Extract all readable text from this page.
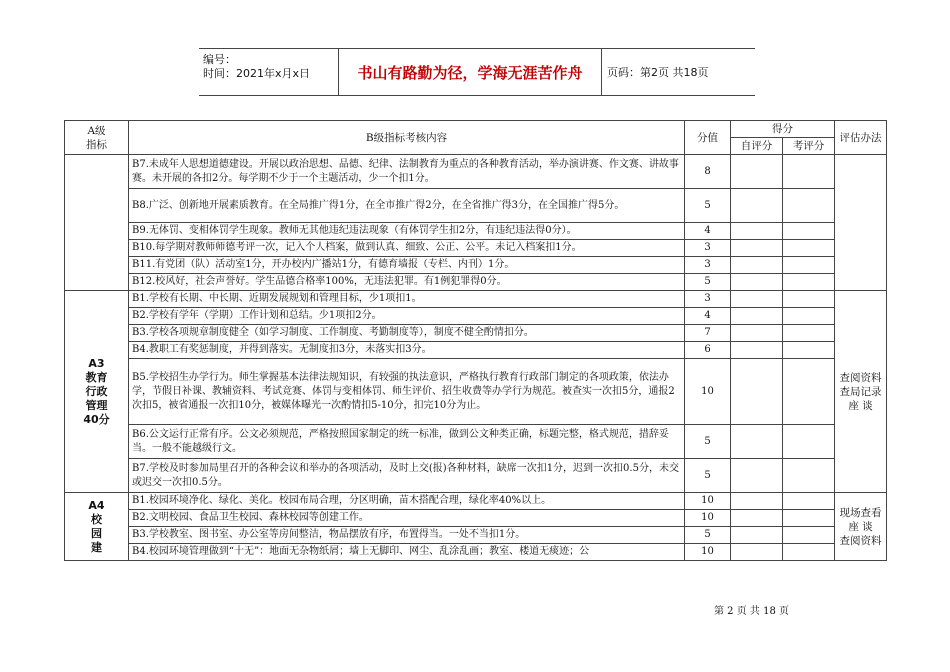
编号：
时间：2021年x月x日	书山有路勤为径，学海无涯苦作舟	页码：第2页 共18页
A级
指标	B级指标考核内容	分值	得分		评估办法
			自评分	考评分	
	B7.未成年人思想道德建设。开展以政治思想、品德、纪律、法制教育为重点的各种教育活动，举办演讲赛、作文赛、讲故事赛。未开展的各扣2分。每学期不少于一个主题活动，少一个扣1分。	8			
	B8.广泛、创新地开展素质教育。在全局推广得1分，在全市推广得2分，在全省推广得3分，在全国推广得5分。	5			
	B9.无体罚、变相体罚学生现象。教师无其他违纪违法现象（有体罚学生扣2分，有违纪违法得0分）。	4			
	B10.每学期对教师师德考评一次，记入个人档案，做到认真、细致、公正、公平。未记入档案扣1分。	3			
	B11.有党团（队）活动室1分，开办校内广播站1分，有德育墙报（专栏、内刊）1分。	3			
	B12.校风好，社会声誉好。学生品德合格率100%，无违法犯罪。有1例犯罪得0分。	5			
A3
教育
行政
管理
40分	B1.学校有长期、中长期、近期发展规划和管理目标，少1项扣1。	3			查阅资料
查局记录
座 谈
	B2.学校有学年（学期）工作计划和总结。少1项扣2分。	4			
	B3.学校各项规章制度健全（如学习制度、工作制度、考勤制度等），制度不健全酌情扣分。	7			
	B4.教职工有奖惩制度，并得到落实。无制度扣3分，未落实扣3分。	6			
	B5.学校招生办学行为。师生掌握基本法律法规知识，有较强的执法意识，严格执行教育行政部门制定的各项政策，依法办学，节假日补课、教辅资料、考试竞赛、体罚与变相体罚、师生评价、招生收费等办学行为规范。被查实一次扣5分，通报2次扣5，被省通报一次扣10分，被媒体曝光一次酌情扣5-10分，扣完10分为止。	10			
	B6.公文运行正常有序。公文必须规范，严格按照国家制定的统一标准，做到公文种类正确，标题完整，格式规范，措辞妥当。一般不能越级行文。	5			
	B7.学校及时参加局里召开的各种会议和举办的各项活动，及时上交(报)各种材料，缺席一次扣1分，迟到一次扣0.5分，未交或迟交一次扣0.5分。	5			
A4
校
园
建	B1.校园环境净化、绿化、美化。校园布局合理，分区明确，苗木搭配合理，绿化率40%以上。	10			现场查看
座 谈
查阅资料
	B2.文明校园、食品卫生校园、森林校园等创建工作。	10			
	B3.学校教室、图书室、办公室等房间整洁，物品摆放有序，布置得当。一处不当扣1分。	5			
	B4.校园环境管理做到“十无”：地面无杂物纸屑；墙上无脚印、网尘、乱涂乱画；教室、楼道无痰迹；公	10			
第 2 页 共 18 页
